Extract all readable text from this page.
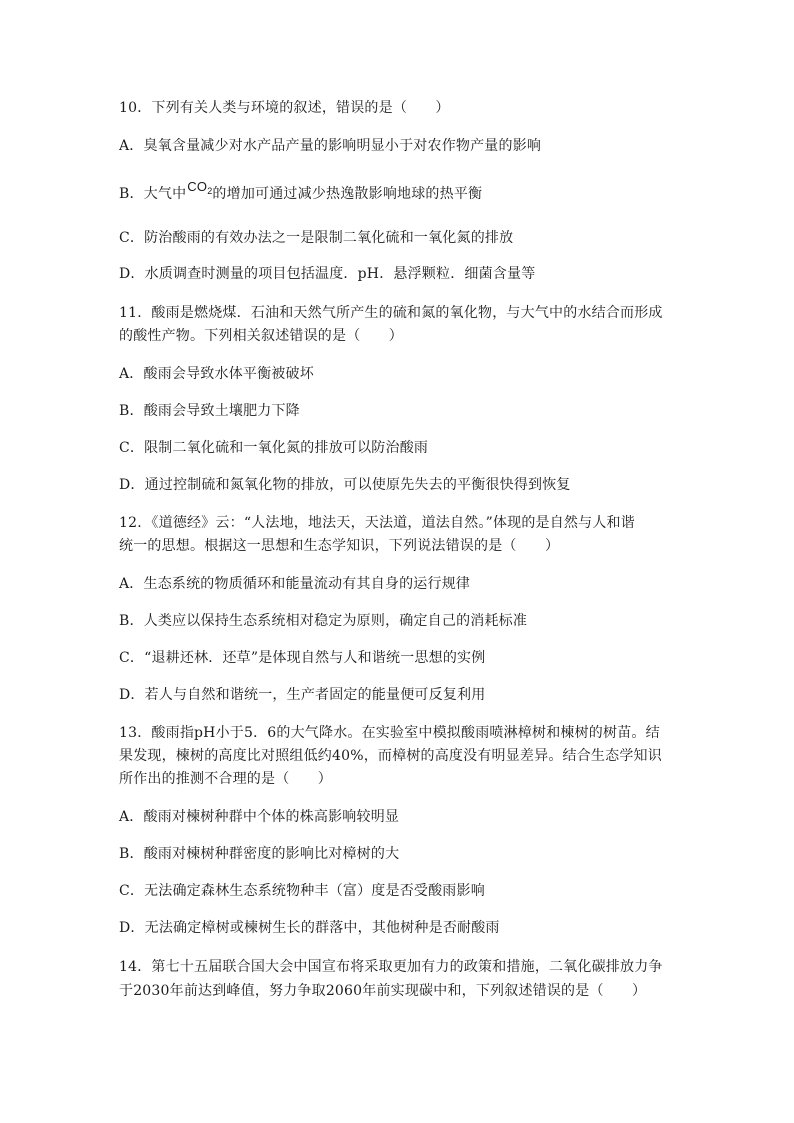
10．下列有关人类与环境的叙述，错误的是（　　）
A．臭氧含量减少对水产品产量的影响明显小于对农作物产量的影响
B．大气中$CO_2$的增加可通过减少热逸散影响地球的热平衡
C．防治酸雨的有效办法之一是限制二氧化硫和一氧化氮的排放
D．水质调查时测量的项目包括温度．pH．悬浮颗粒．细菌含量等
11．酸雨是燃烧煤．石油和天然气所产生的硫和氮的氧化物，与大气中的水结合而形成
的酸性产物。下列相关叙述错误的是（　　）
A．酸雨会导致水体平衡被破坏
B．酸雨会导致土壤肥力下降
C．限制二氧化硫和一氧化氮的排放可以防治酸雨
D．通过控制硫和氮氧化物的排放，可以使原先失去的平衡很快得到恢复
12．《道德经》云：“人法地，地法天，天法道，道法自然。”体现的是自然与人和谐
统一的思想。根据这一思想和生态学知识，下列说法错误的是（　　）
A．生态系统的物质循环和能量流动有其自身的运行规律
B．人类应以保持生态系统相对稳定为原则，确定自己的消耗标准
C．“退耕还林．还草”是体现自然与人和谐统一思想的实例
D．若人与自然和谐统一，生产者固定的能量便可反复利用
13．酸雨指pH小于5．6的大气降水。在实验室中模拟酸雨喷淋樟树和楝树的树苗。结
果发现，楝树的高度比对照组低约40%，而樟树的高度没有明显差异。结合生态学知识
所作出的推测不合理的是（　　）
A．酸雨对楝树种群中个体的株高影响较明显
B．酸雨对楝树种群密度的影响比对樟树的大
C．无法确定森林生态系统物种丰（富）度是否受酸雨影响
D．无法确定樟树或楝树生长的群落中，其他树种是否耐酸雨
14．第七十五届联合国大会中国宣布将采取更加有力的政策和措施，二氧化碳排放力争
于2030年前达到峰值，努力争取2060年前实现碳中和，下列叙述错误的是（　　）
